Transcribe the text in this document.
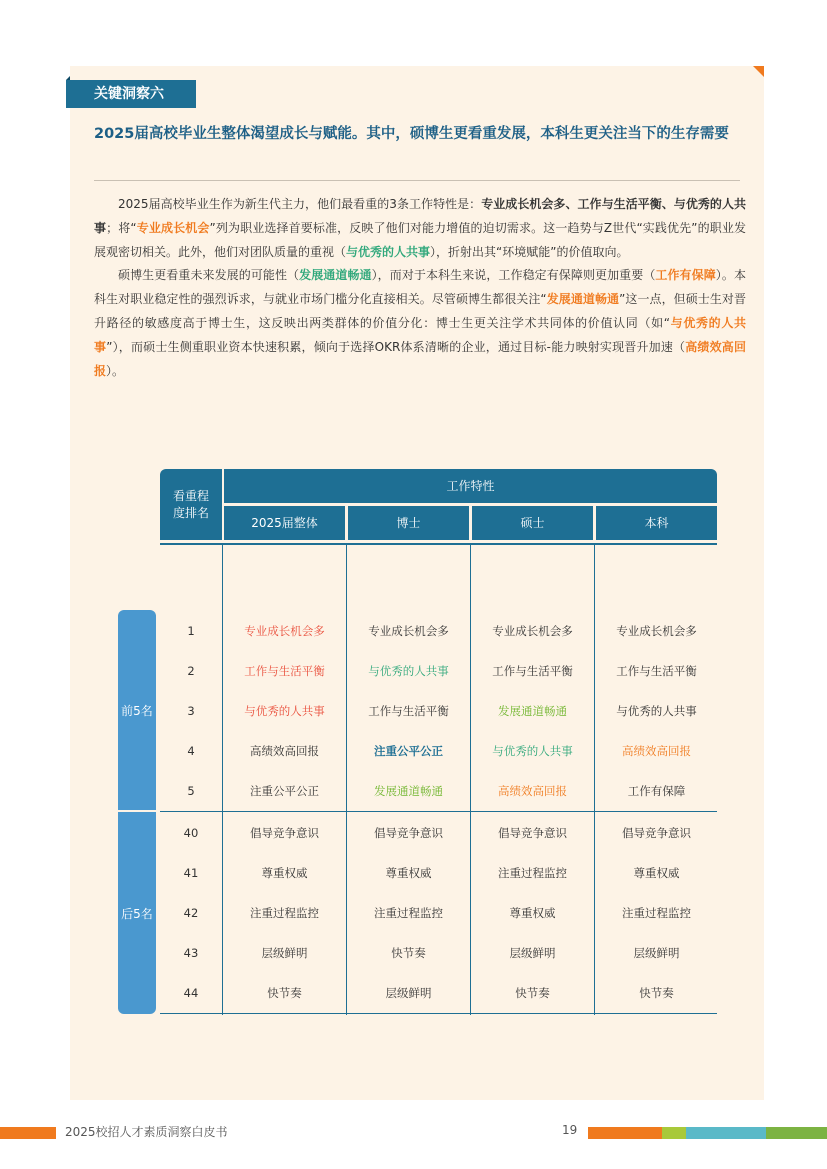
关键洞察六
2025届高校毕业生整体渴望成长与赋能。其中，硕博生更看重发展，本科生更关注当下的生存需要

2025届高校毕业生作为新生代主力，他们最看重的3条工作特性是：专业成长机会多、工作与生活平衡、与优秀的人共事；将“专业成长机会”列为职业选择首要标准，反映了他们对能力增值的迫切需求。这一趋势与Z世代“实践优先”的职业发展观密切相关。此外，他们对团队质量的重视（与优秀的人共事），折射出其“环境赋能”的价值取向。

硕博生更看重未来发展的可能性（发展通道畅通），而对于本科生来说，工作稳定有保障则更加重要（工作有保障）。本科生对职业稳定性的强烈诉求，与就业市场门槛分化直接相关。尽管硕博生都很关注“发展通道畅通”这一点，但硕士生对晋升路径的敏感度高于博士生，这反映出两类群体的价值分化：博士生更关注学术共同体的价值认同（如“与优秀的人共事”），而硕士生侧重职业资本快速积累，倾向于选择OKR体系清晰的企业，通过目标-能力映射实现晋升加速（高绩效高回报）。

看重程度排名
工作特性
2025届整体	博士	硕士	本科
前5名
后5名
1	专业成长机会多	专业成长机会多	专业成长机会多	专业成长机会多
2	工作与生活平衡	与优秀的人共事	工作与生活平衡	工作与生活平衡
3	与优秀的人共事	工作与生活平衡	发展通道畅通	与优秀的人共事
4	高绩效高回报	注重公平公正	与优秀的人共事	高绩效高回报
5	注重公平公正	发展通道畅通	高绩效高回报	工作有保障
40	倡导竞争意识	倡导竞争意识	倡导竞争意识	倡导竞争意识
41	尊重权威	尊重权威	注重过程监控	尊重权威
42	注重过程监控	注重过程监控	尊重权威	注重过程监控
43	层级鲜明	快节奏	层级鲜明	层级鲜明
44	快节奏	层级鲜明	快节奏	快节奏
2025校招人才素质洞察白皮书	19
